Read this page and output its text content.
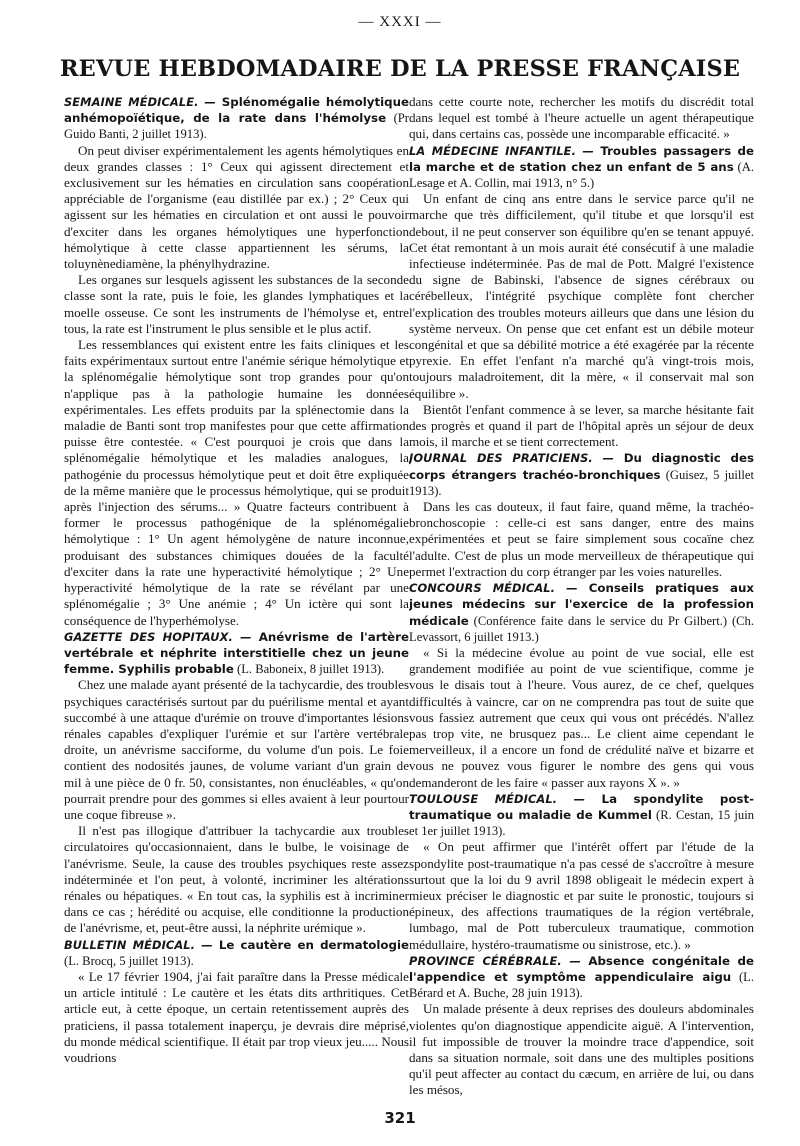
— XXXI —
REVUE HEBDOMADAIRE DE LA PRESSE FRANÇAISE

SEMAINE MÉDICALE. — Splénomégalie hémolytique anhémopoïétique, de la rate dans l'hémolyse (Pr Guido Banti, 2 juillet 1913).

On peut diviser expérimentalement les agents hémolytiques en deux grandes classes : 1° Ceux qui agissent directement et exclusivement sur les hématies en circulation sans coopération appréciable de l'organisme (eau distillée par ex.) ; 2° Ceux qui agissent sur les hématies en circulation et ont aussi le pouvoir d'exciter dans les organes hémolytiques une hyperfonction hémolytique à cette classe appartiennent les sérums, la toluynènediamène, la phénylhydrazine.

Les organes sur lesquels agissent les substances de la seconde classe sont la rate, puis le foie, les glandes lymphatiques et la moelle osseuse. Ce sont les instruments de l'hémolyse et, entre tous, la rate est l'instrument le plus sensible et le plus actif.

Les ressemblances qui existent entre les faits cliniques et les faits expérimentaux surtout entre l'anémie sérique hémolytique et la splénomégalie hémolytique sont trop grandes pour qu'on n'applique pas à la pathologie humaine les données expérimentales. Les effets produits par la splénectomie dans la maladie de Banti sont trop manifestes pour que cette affirmation puisse être contestée. « C'est pourquoi je crois que dans la splénomégalie hémolytique et les maladies analogues, la pathogénie du processus hémolytique peut et doit être expliquée de la même manière que le processus hémolytique, qui se produit après l'injection des sérums... » Quatre facteurs contribuent à former le processus pathogénique de la splénomégalie hémolytique : 1° Un agent hémolygène de nature inconnue, produisant des substances chimiques douées de la faculté d'exciter dans la rate une hyperactivité hémolytique ; 2° Une hyperactivité hémolytique de la rate se révélant par une splénomégalie ; 3° Une anémie ; 4° Un ictère qui sont la conséquence de l'hyperhémolyse.

GAZETTE DES HOPITAUX. — Anévrisme de l'artère vertébrale et néphrite interstitielle chez un jeune femme. Syphilis probable (L. Baboneix, 8 juillet 1913).

Chez une malade ayant présenté de la tachycardie, des troubles psychiques caractérisés surtout par du puérilisme mental et ayant succombé à une attaque d'urémie on trouve d'importantes lésions rénales capables d'expliquer l'urémie et sur l'artère vertébrale droite, un anévrisme sacciforme, du volume d'un pois. Le foie contient des nodosités jaunes, de volume variant d'un grain de mil à une pièce de 0 fr. 50, consistantes, non énucléables, « qu'on pourrait prendre pour des gommes si elles avaient à leur pourtour une coque fibreuse ».

Il n'est pas illogique d'attribuer la tachycardie aux troubles circulatoires qu'occasionnaient, dans le bulbe, le voisinage de l'anévrisme. Seule, la cause des troubles psychiques reste assez indéterminée et l'on peut, à volonté, incriminer les altérations rénales ou hépatiques. « En tout cas, la syphilis est à incriminer dans ce cas ; hérédité ou acquise, elle conditionne la production de l'anévrisme, et, peut-être aussi, la néphrite urémique ».

BULLETIN MÉDICAL. — Le cautère en dermatologie (L. Brocq, 5 juillet 1913).

« Le 17 février 1904, j'ai fait paraître dans la Presse médicale un article intitulé : Le cautère et les états dits arthritiques. Cet article eut, à cette époque, un certain retentissement auprès des praticiens, il passa totalement inaperçu, je devrais dire méprisé, du monde médical scientifique. Il était par trop vieux jeu..... Nous voudrions

dans cette courte note, rechercher les motifs du discrédit total dans lequel est tombé à l'heure actuelle un agent thérapeutique qui, dans certains cas, possède une incomparable efficacité. »

LA MÉDECINE INFANTILE. — Troubles passagers de la marche et de station chez un enfant de 5 ans (A. Lesage et A. Collin, mai 1913, n° 5.)

Un enfant de cinq ans entre dans le service parce qu'il ne marche que très difficilement, qu'il titube et que lorsqu'il est debout, il ne peut conserver son équilibre qu'en se tenant appuyé. Cet état remontant à un mois aurait été consécutif à une maladie infectieuse indéterminée. Pas de mal de Pott. Malgré l'existence du signe de Babinski, l'absence de signes cérébraux ou cérébelleux, l'intégrité psychique complète font chercher l'explication des troubles moteurs ailleurs que dans une lésion du système nerveux. On pense que cet enfant est un débile moteur congénital et que sa débilité motrice a été exagérée par la récente pyrexie. En effet l'enfant n'a marché qu'à vingt-trois mois, toujours maladroitement, dit la mère, « il conservait mal son équilibre ».

Bientôt l'enfant commence à se lever, sa marche hésitante fait des progrès et quand il part de l'hôpital après un séjour de deux mois, il marche et se tient correctement.

JOURNAL DES PRATICIENS. — Du diagnostic des corps étrangers trachéo-bronchiques (Guisez, 5 juillet 1913).

Dans les cas douteux, il faut faire, quand même, la trachéo-bronchoscopie : celle-ci est sans danger, entre des mains expérimentées et peut se faire simplement sous cocaïne chez l'adulte. C'est de plus un mode merveilleux de thérapeutique qui permet l'extraction du corp étranger par les voies naturelles.

CONCOURS MÉDICAL. — Conseils pratiques aux jeunes médecins sur l'exercice de la profession médicale (Conférence faite dans le service du Pr Gilbert.) (Ch. Levassort, 6 juillet 1913.)

« Si la médecine évolue au point de vue social, elle est grandement modifiée au point de vue scientifique, comme je vous le disais tout à l'heure. Vous aurez, de ce chef, quelques difficultés à vaincre, car on ne comprendra pas tout de suite que vous fassiez autrement que ceux qui vous ont précédés. N'allez pas trop vite, ne brusquez pas... Le client aime cependant le merveilleux, il a encore un fond de crédulité naïve et bizarre et vous ne pouvez vous figurer le nombre des gens qui vous demanderont de les faire « passer aux rayons X ». »

TOULOUSE MÉDICAL. — La spondylite post-traumatique ou maladie de Kummel (R. Cestan, 15 juin et 1er juillet 1913).

« On peut affirmer que l'intérêt offert par l'étude de la spondylite post-traumatique n'a pas cessé de s'accroître à mesure surtout que la loi du 9 avril 1898 obligeait le médecin expert à mieux préciser le diagnostic et par suite le pronostic, toujours si épineux, des affections traumatiques de la région vertébrale, lumbago, mal de Pott tuberculeux traumatique, commotion médullaire, hystéro-traumatisme ou sinistrose, etc.). »

PROVINCE CÉRÉBRALE. — Absence congénitale de l'appendice et symptôme appendiculaire aigu (L. Bérard et A. Buche, 28 juin 1913).

Un malade présente à deux reprises des douleurs abdominales violentes qu'on diagnostique appendicite aiguë. A l'intervention, il fut impossible de trouver la moindre trace d'appendice, soit dans sa situation normale, soit dans une des multiples positions qu'il peut affecter au contact du cæcum, en arrière de lui, ou dans les mésos,

321
